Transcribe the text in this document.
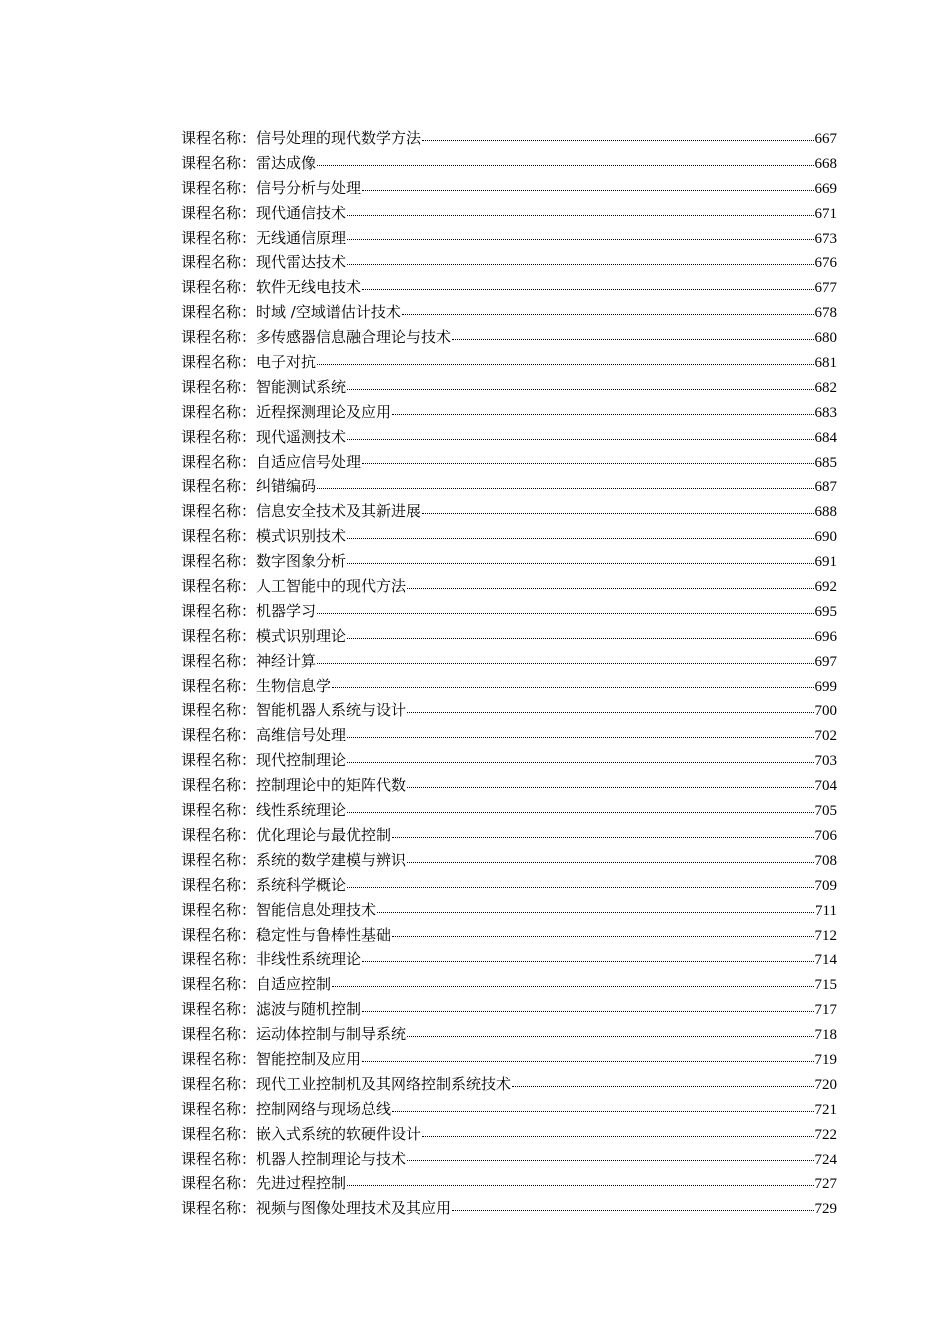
课程名称： 信号处理的现代数学方法	667
课程名称： 雷达成像	668
课程名称： 信号分析与处理	669
课程名称： 现代通信技术	671
课程名称： 无线通信原理	673
课程名称： 现代雷达技术	676
课程名称： 软件无线电技术	677
课程名称： 时域 /空域谱估计技术	678
课程名称： 多传感器信息融合理论与技术	680
课程名称： 电子对抗	681
课程名称： 智能测试系统	682
课程名称： 近程探测理论及应用	683
课程名称： 现代遥测技术	684
课程名称： 自适应信号处理	685
课程名称： 纠错编码	687
课程名称： 信息安全技术及其新进展	688
课程名称： 模式识别技术	690
课程名称： 数字图象分析	691
课程名称： 人工智能中的现代方法	692
课程名称： 机器学习	695
课程名称： 模式识别理论	696
课程名称： 神经计算	697
课程名称： 生物信息学	699
课程名称： 智能机器人系统与设计	700
课程名称： 高维信号处理	702
课程名称： 现代控制理论	703
课程名称： 控制理论中的矩阵代数	704
课程名称： 线性系统理论	705
课程名称： 优化理论与最优控制	706
课程名称： 系统的数学建模与辨识	708
课程名称： 系统科学概论	709
课程名称： 智能信息处理技术	711
课程名称： 稳定性与鲁棒性基础	712
课程名称： 非线性系统理论	714
课程名称： 自适应控制	715
课程名称： 滤波与随机控制	717
课程名称： 运动体控制与制导系统	718
课程名称： 智能控制及应用	719
课程名称： 现代工业控制机及其网络控制系统技术	720
课程名称： 控制网络与现场总线	721
课程名称： 嵌入式系统的软硬件设计	722
课程名称： 机器人控制理论与技术	724
课程名称： 先进过程控制	727
课程名称： 视频与图像处理技术及其应用	729
